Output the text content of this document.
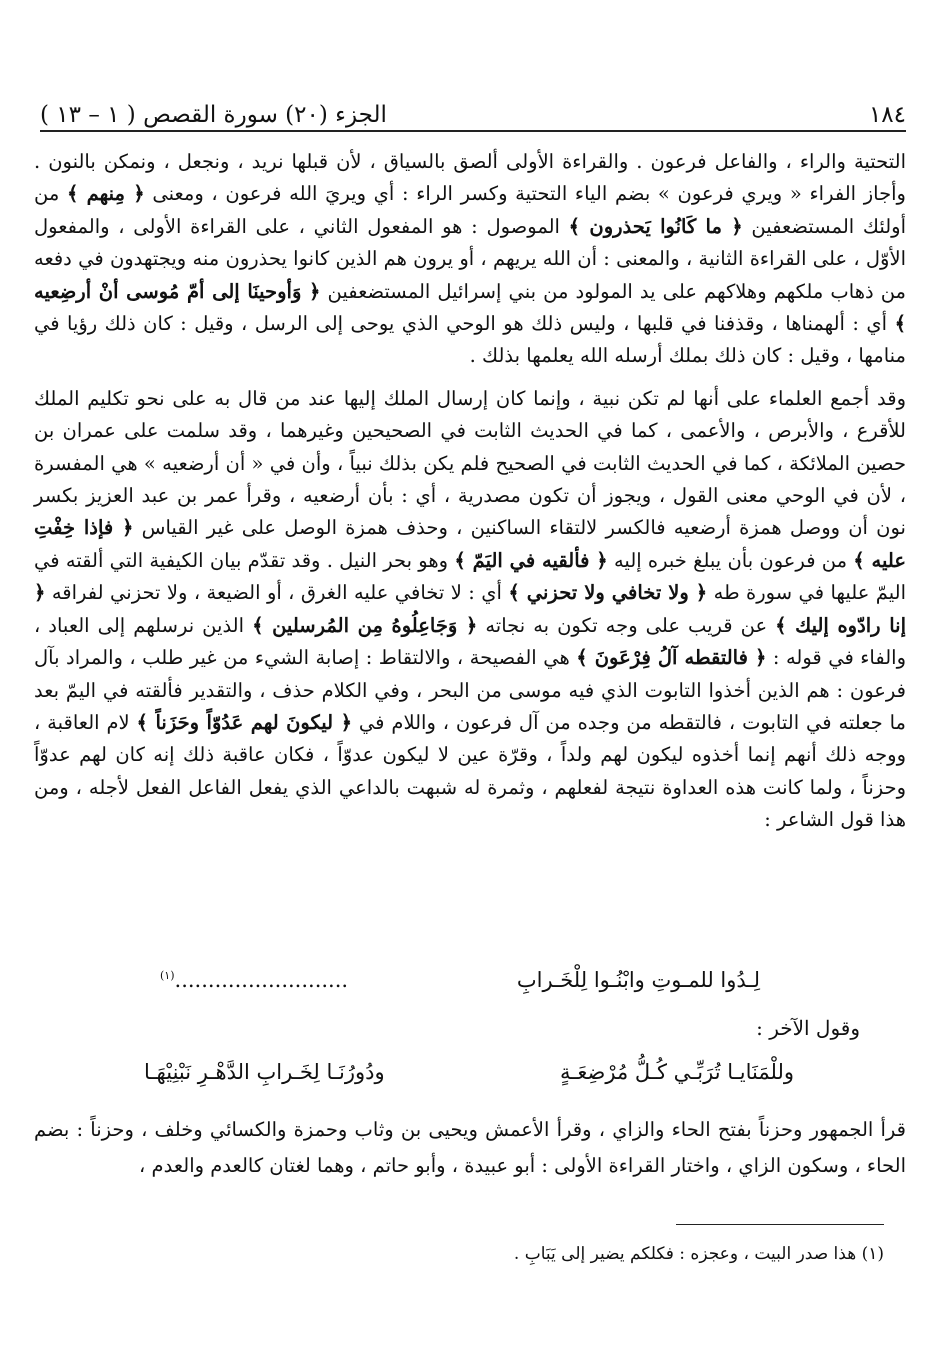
١٨٤
الجزء (٢٠) سورة القصص ( ١ – ١٣ )

التحتية والراء ، والفاعل فرعون . والقراءة الأولى ألصق بالسياق ، لأن قبلها نريد ، ونجعل ، ونمكن بالنون . وأجاز الفراء « ويري فرعون » بضم الياء التحتية وكسر الراء : أي ويريَ الله فرعون ، ومعنى ﴿ مِنهم ﴾ من أولئك المستضعفين ﴿ ما كَانُوا يَحذرون ﴾ الموصول : هو المفعول الثاني ، على القراءة الأولى ، والمفعول الأوّل ، على القراءة الثانية ، والمعنى : أن الله يريهم ، أو يرون هم الذين كانوا يحذرون منه ويجتهدون في دفعه من ذهاب ملكهم وهلاكهم على يد المولود من بني إسرائيل المستضعفين ﴿ وَأوحينَا إلى أمّ مُوسى أنْ أرضِعيه ﴾ أي : ألهمناها ، وقذفنا في قلبها ، وليس ذلك هو الوحي الذي يوحى إلى الرسل ، وقيل : كان ذلك رؤيا في منامها ، وقيل : كان ذلك بملك أرسله الله يعلمها بذلك .

وقد أجمع العلماء على أنها لم تكن نبية ، وإنما كان إرسال الملك إليها عند من قال به على نحو تكليم الملك للأقرع ، والأبرص ، والأعمى ، كما في الحديث الثابت في الصحيحين وغيرهما ، وقد سلمت على عمران بن حصين الملائكة ، كما في الحديث الثابت في الصحيح فلم يكن بذلك نبياً ، وأن في « أن أرضعيه » هي المفسرة ، لأن في الوحي معنى القول ، ويجوز أن تكون مصدرية ، أي : بأن أرضعيه ، وقرأ عمر بن عبد العزيز بكسر نون أن ووصل همزة أرضعيه فالكسر لالتقاء الساكنين ، وحذف همزة الوصل على غير القياس ﴿ فإذا خِفْتِ عليه ﴾ من فرعون بأن يبلغ خبره إليه ﴿ فألقيه في اليَمّ ﴾ وهو بحر النيل . وقد تقدّم بيان الكيفية التي ألقته في اليمّ عليها في سورة طه ﴿ ولا تخافي ولا تحزني ﴾ أي : لا تخافي عليه الغرق ، أو الضيعة ، ولا تحزني لفراقه ﴿ إنا رادّوه إليك ﴾ عن قريب على وجه تكون به نجاته ﴿ وَجَاعِلُوهُ مِن المُرسلين ﴾ الذين نرسلهم إلى العباد ، والفاء في قوله : ﴿ فالتقطه آلُ فِرْعَونَ ﴾ هي الفصيحة ، والالتقاط : إصابة الشيء من غير طلب ، والمراد بآل فرعون : هم الذين أخذوا التابوت الذي فيه موسى من البحر ، وفي الكلام حذف ، والتقدير فألقته في اليمّ بعد ما جعلته في التابوت ، فالتقطه من وجده من آل فرعون ، واللام في ﴿ ليكونَ لهم عَدُوّاً وحَزَناً ﴾ لام العاقبة ، ووجه ذلك أنهم إنما أخذوه ليكون لهم ولداً ، وقرّة عين لا ليكون عدوّاً ، فكان عاقبة ذلك إنه كان لهم عدوّاً وحزناً ، ولما كانت هذه العداوة نتيجة لفعلهم ، وثمرة له شبهت بالداعي الذي يفعل الفاعل الفعل لأجله ، ومن هذا قول الشاعر :

لِـدُوا للمـوتِ وابْنُـوا لِلْخَـرابِ
..........................$^{(١)}$
وقول الآخر :
وللْمَنَايـا تُرَبِّـي كُـلُّ مُرْضِعَـةٍ
ودُورُنَـا لِخَـرابِ الدَّهْـرِ نَبْنِيْهَـا
قرأ الجمهور وحزناً بفتح الحاء والزاي ، وقرأ الأعمش ويحيى بن وثاب وحمزة والكسائي وخلف ، وحزناً : بضم الحاء ، وسكون الزاي ، واختار القراءة الأولى : أبو عبيدة ، وأبو حاتم ، وهما لغتان كالعدم والعدم ،
(١) هذا صدر البيت ، وعجزه : فكلكم يضير إلى يَبَابِ .
